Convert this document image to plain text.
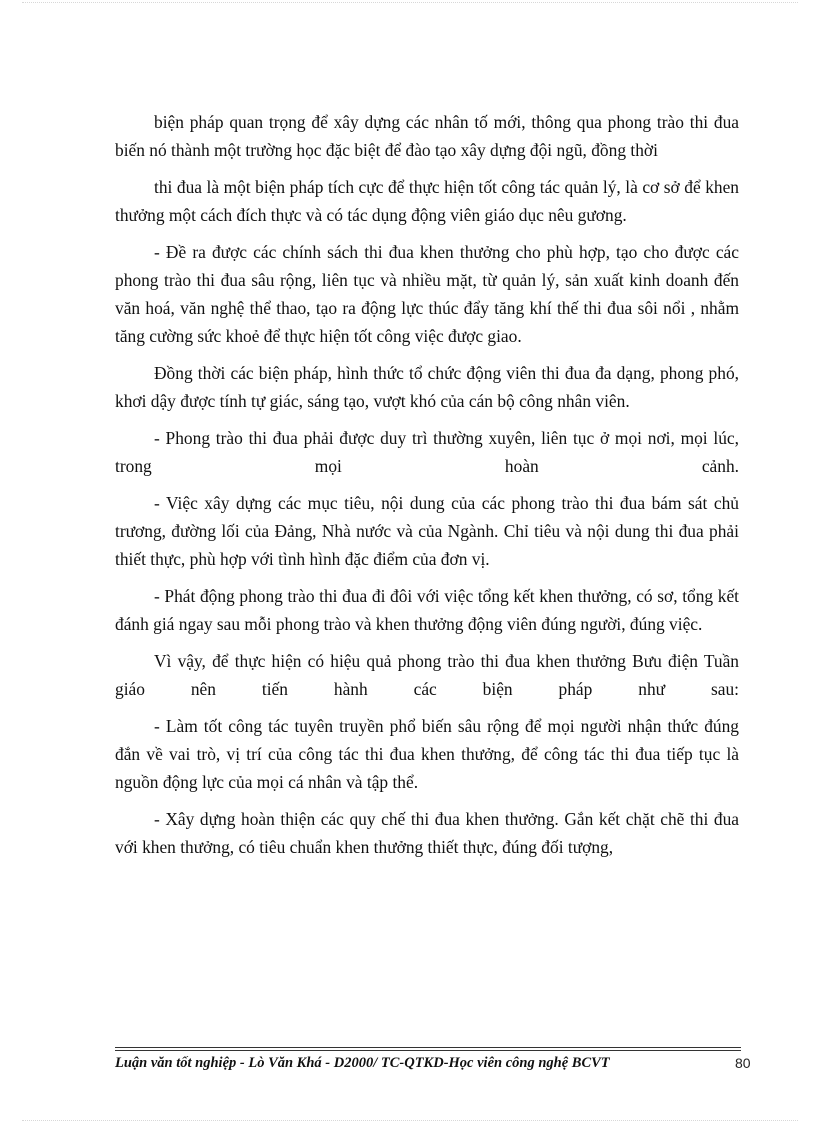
biện pháp quan trọng để xây dựng các nhân tố mới, thông qua phong trào thi đua biến nó thành một trường học đặc biệt để đào tạo xây dựng đội ngũ, đồng thời

thi đua là một biện pháp tích cực để thực hiện tốt công tác quản lý, là cơ sở để khen thưởng một cách đích thực và có tác dụng động viên giáo dục nêu gương.

- Đề ra được các chính sách thi đua khen thưởng cho phù hợp, tạo cho được các phong trào thi đua sâu rộng, liên tục và nhiều mặt, từ quản lý, sản xuất kinh doanh đến văn hoá, văn nghệ thể thao, tạo ra động lực thúc đẩy tăng khí thế thi đua sôi nổi , nhằm tăng cường sức khoẻ để thực hiện tốt công việc được giao.

Đồng thời các biện pháp, hình thức tổ chức động viên thi đua đa dạng, phong phó, khơi dậy được tính tự giác, sáng tạo, vượt khó của cán bộ công nhân viên.

- Phong trào thi đua phải được duy trì thường xuyên, liên tục ở mọi nơi, mọi lúc, trong mọi hoàn cảnh.

- Việc xây dựng các mục tiêu, nội dung của các phong trào thi đua bám sát chủ trương, đường lối của Đảng, Nhà nước và của Ngành. Chỉ tiêu và nội dung thi đua phải thiết thực, phù hợp với tình hình đặc điểm của đơn vị.

- Phát động phong trào thi đua đi đôi với việc tổng kết khen thưởng, có sơ, tổng kết đánh giá ngay sau mỗi phong trào và khen thưởng động viên đúng người, đúng việc.

Vì vậy, để thực hiện có hiệu quả phong trào thi đua khen thưởng Bưu điện Tuần giáo nên tiến hành các biện pháp như sau:

- Làm tốt công tác tuyên truyền phổ biến sâu rộng để mọi người nhận thức đúng đắn về vai trò, vị trí của công tác thi đua khen thưởng, để công tác thi đua tiếp tục là nguồn động lực của mọi cá nhân và tập thể.

- Xây dựng hoàn thiện các quy chế thi đua khen thưởng. Gắn kết chặt chẽ thi đua với khen thưởng, có tiêu chuẩn khen thưởng thiết thực, đúng đối tượng,

Luận văn tốt nghiệp - Lò Văn Khá - D2000/ TC-QTKD-Học viên công nghệ BCVT	80
